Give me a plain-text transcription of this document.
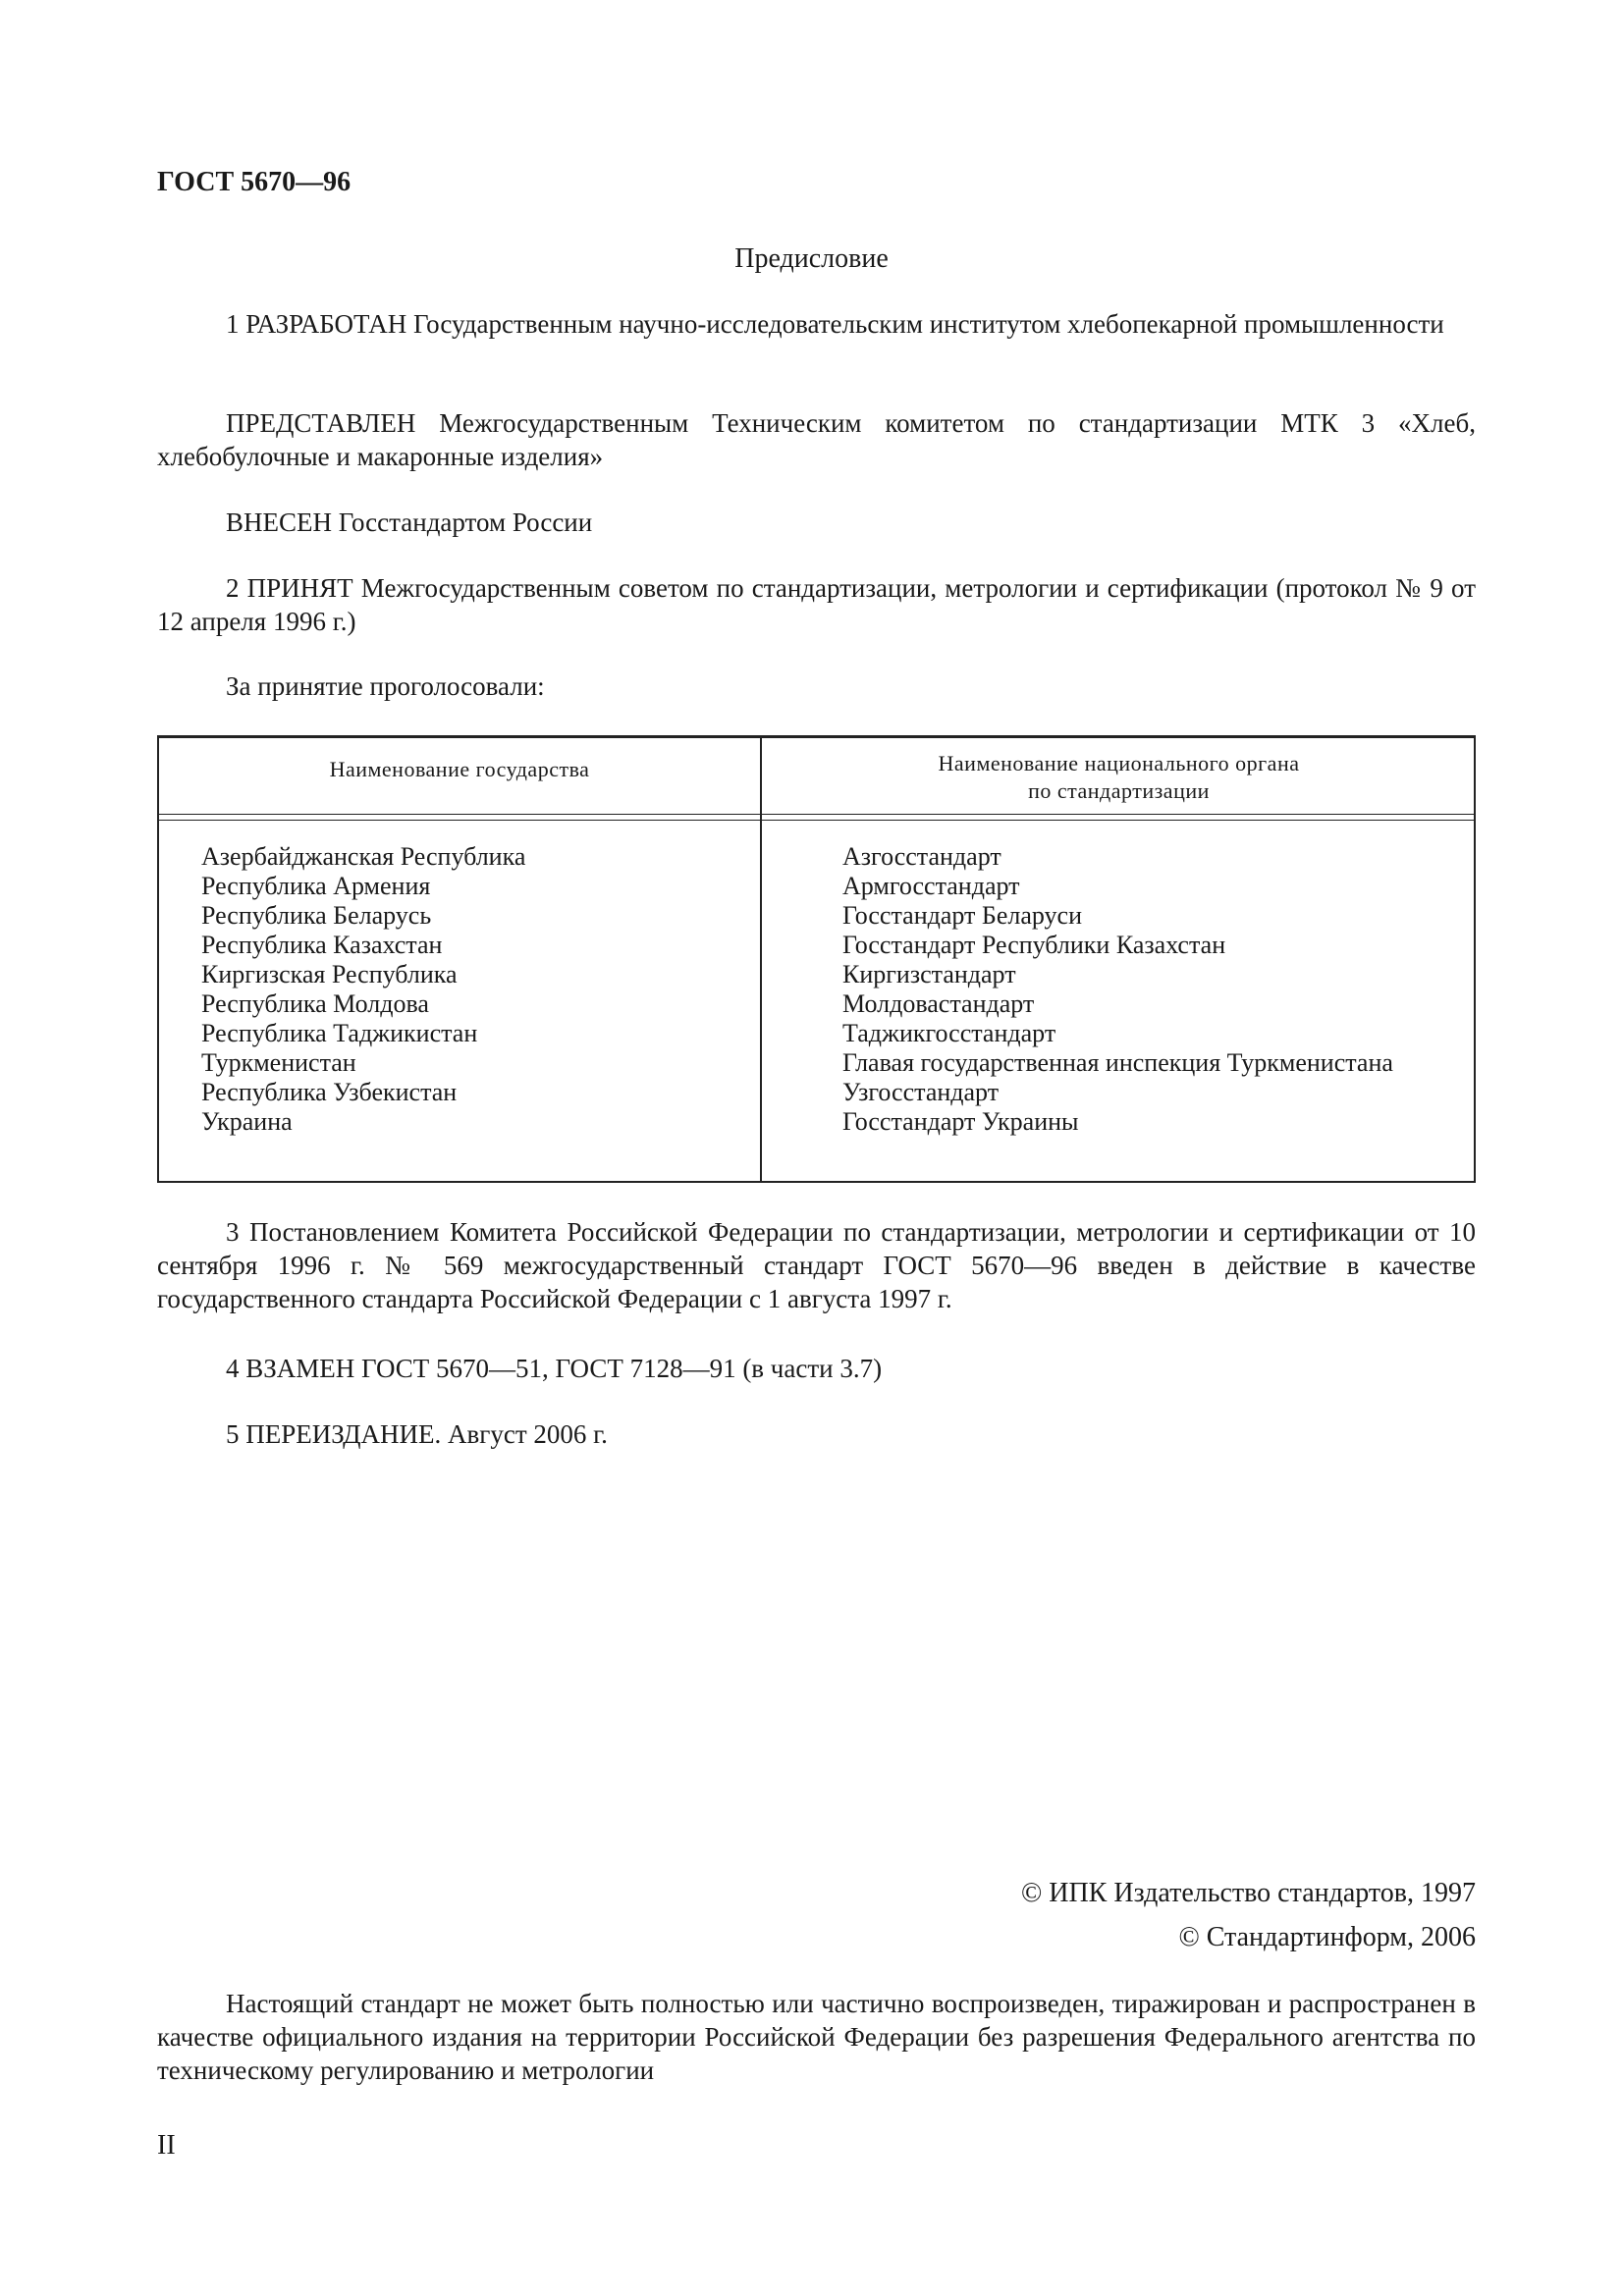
ГОСТ 5670—96
Предисловие
1 РАЗРАБОТАН Государственным научно-исследовательским институтом хлебопекарной промышленности
ПРЕДСТАВЛЕН Межгосударственным Техническим комитетом по стандартизации МТК 3 «Хлеб, хлебобулочные и макаронные изделия»
ВНЕСЕН Госстандартом России
2 ПРИНЯТ Межгосударственным советом по стандартизации, метрологии и сертификации (протокол № 9 от 12 апреля 1996 г.)
За принятие проголосовали:
Наименование государства	Наименование национального органа
по стандартизации
Азербайджанская Республика
Республика Армения
Республика Беларусь
Республика Казахстан
Киргизская Республика
Республика Молдова
Республика Таджикистан
Туркменистан
Республика Узбекистан
Украина
Азгосстандарт
Армгосстандарт
Госстандарт Беларуси
Госстандарт Республики Казахстан
Киргизстандарт
Молдовастандарт
Таджикгосстандарт
Главая государственная инспекция Туркменистана
Узгосстандарт
Госстандарт Украины
3 Постановлением Комитета Российской Федерации по стандартизации, метрологии и сертификации от 10 сентября 1996 г. № 569 межгосударственный стандарт ГОСТ 5670—96 введен в действие в качестве государственного стандарта Российской Федерации с 1 августа 1997 г.
4 ВЗАМЕН ГОСТ 5670—51, ГОСТ 7128—91 (в части 3.7)
5 ПЕРЕИЗДАНИЕ. Август 2006 г.
© ИПК Издательство стандартов, 1997
© Стандартинформ, 2006
Настоящий стандарт не может быть полностью или частично воспроизведен, тиражирован и распространен в качестве официального издания на территории Российской Федерации без разрешения Федерального агентства по техническому регулированию и метрологии
II
